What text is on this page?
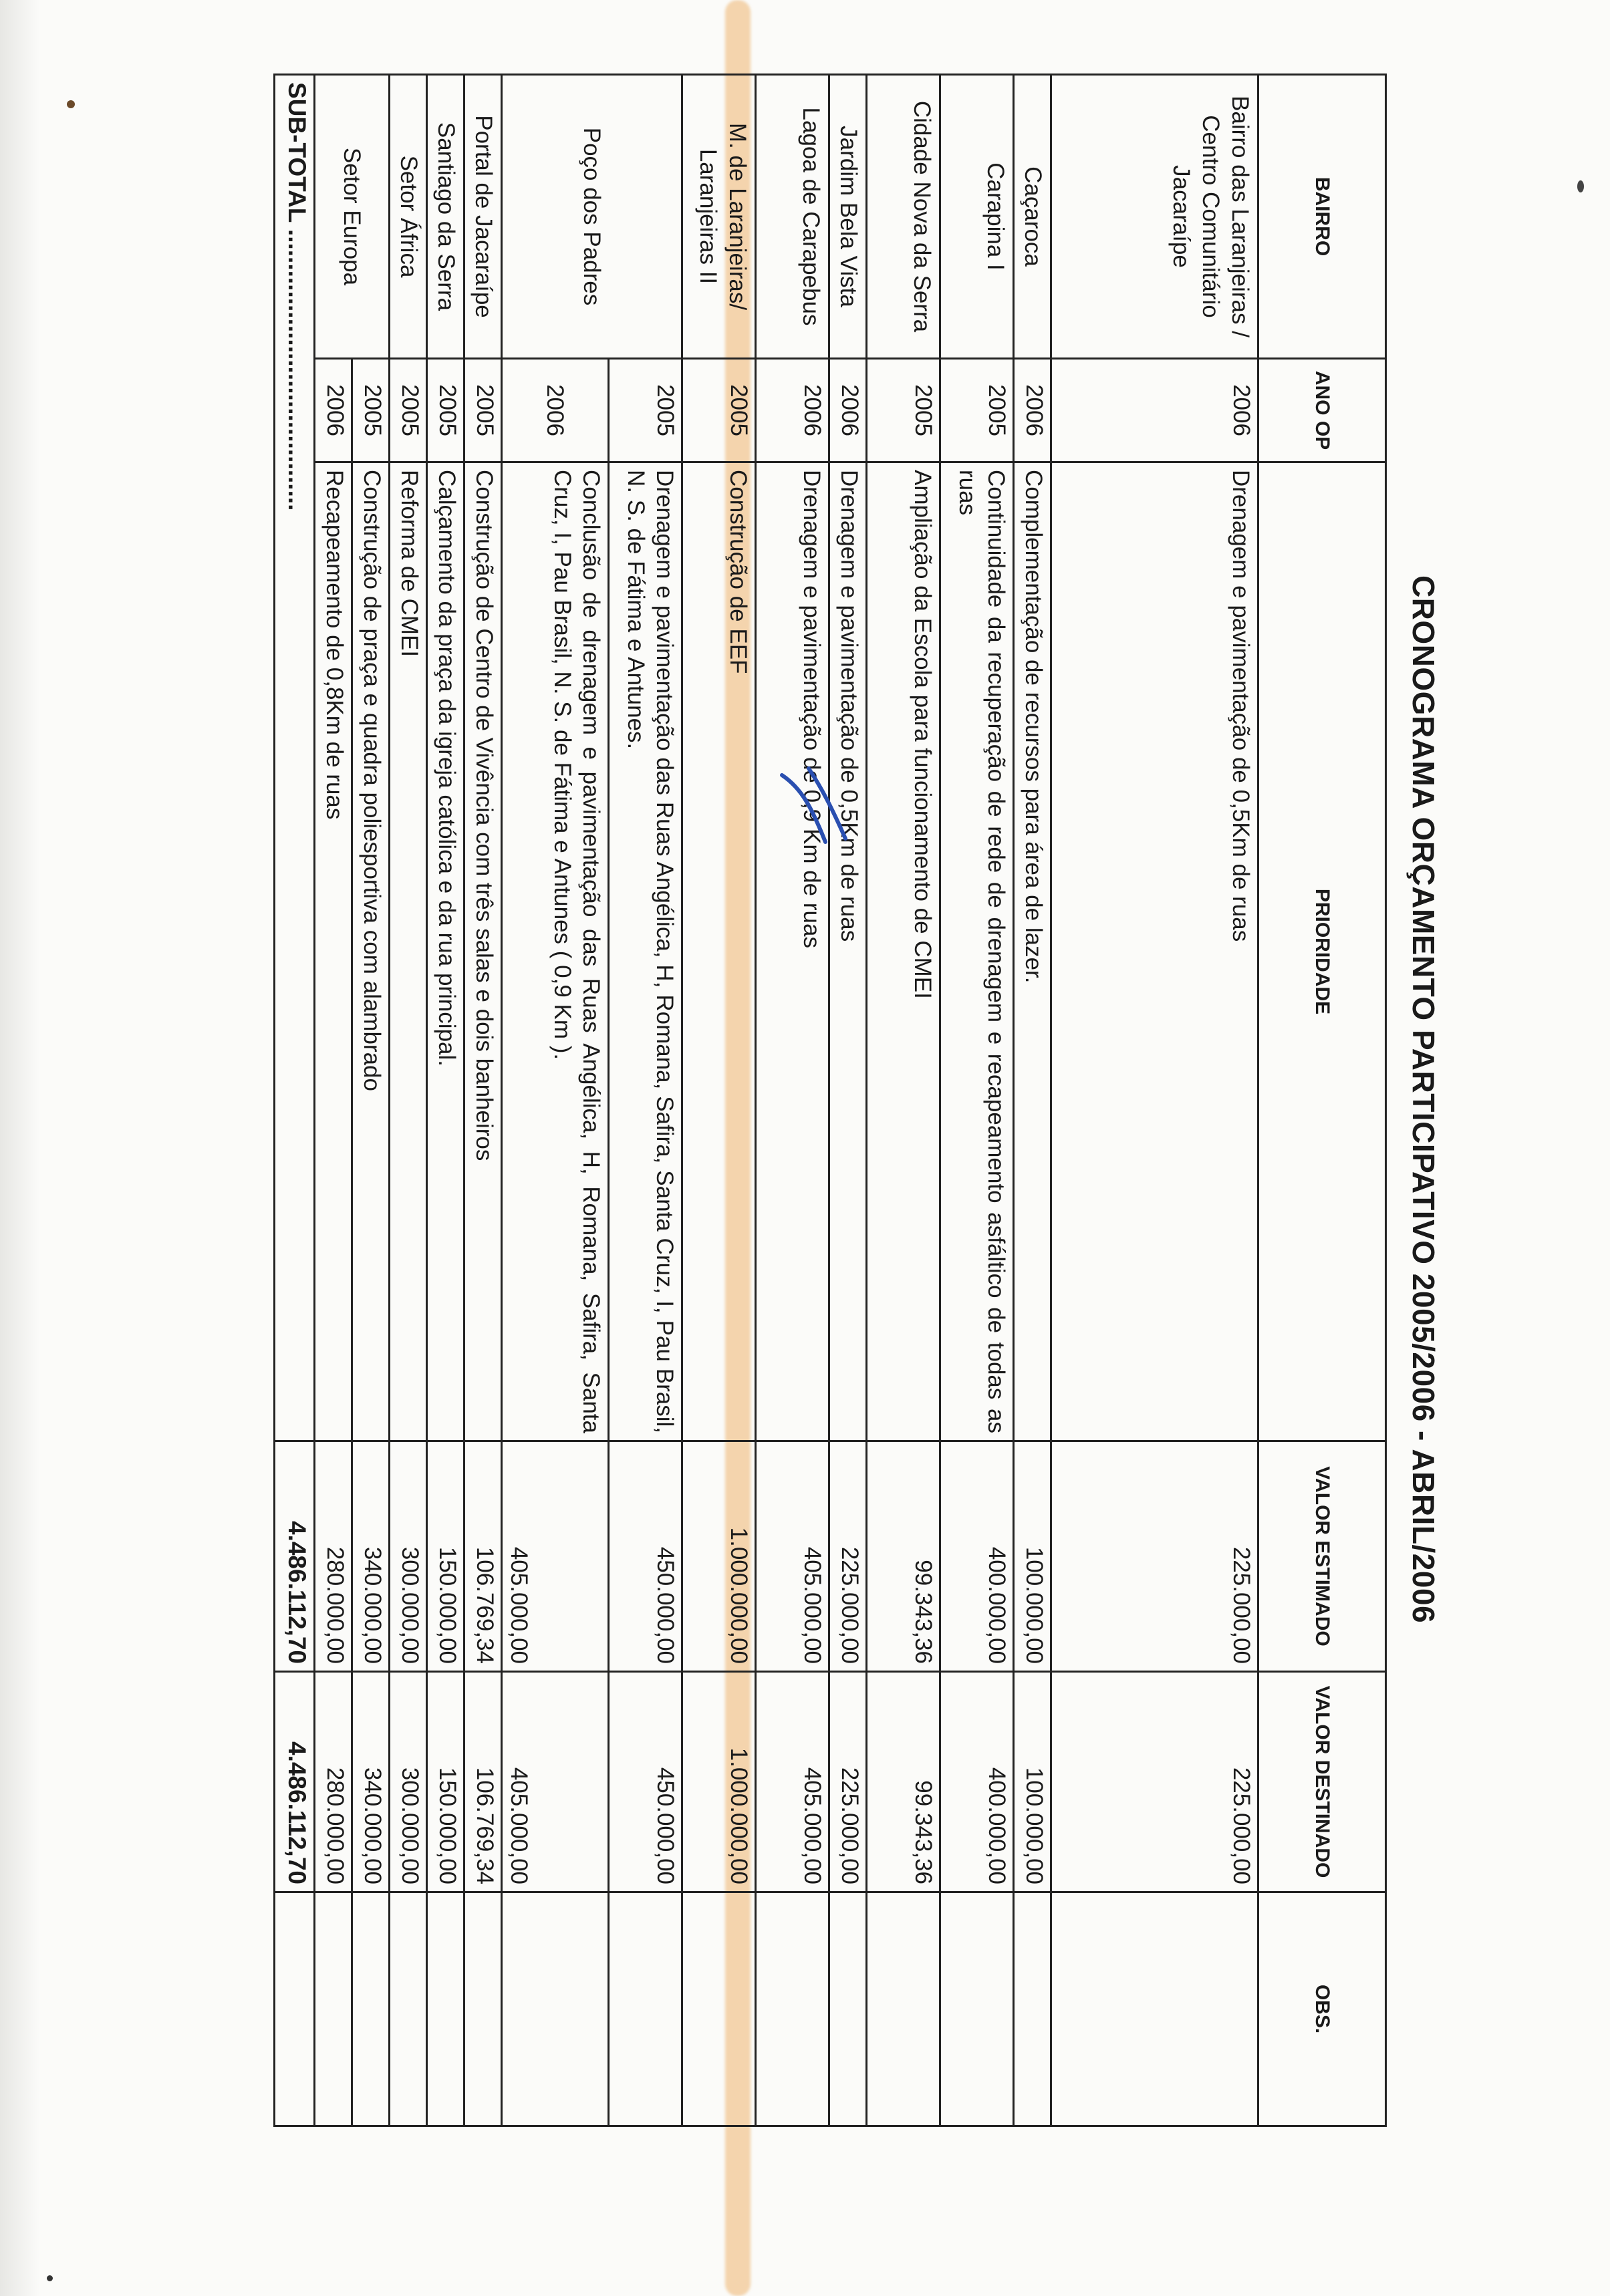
CRONOGRAMA ORÇAMENTO PARTICIPATIVO 2005/2006 - ABRIL/2006
BAIRRO	ANO OP	PRIORIDADE	VALOR ESTIMADO	VALOR DESTINADO	OBS.
Bairro das Laranjeiras / Centro Comunitário Jacaraípe	2006	Drenagem e pavimentação de 0,5Km de ruas	225.000,00	225.000,00	
Caçaroca	2006	Complementação de recursos para área de lazer.	100.000,00	100.000,00	
Carapina I	2005	Continuidade da recuperação de rede de drenagem e recapeamento asfáltico de todas as ruas	400.000,00	400.000,00	
Cidade Nova da Serra	2005	Ampliação da Escola para funcionamento de CMEI	99.343,36	99.343,36	
Jardim Bela Vista	2006	Drenagem e pavimentação de 0,5Km de ruas	225.000,00	225.000,00	
Lagoa de Carapebus	2006	Drenagem e pavimentação de 0,9 Km de ruas	405.000,00	405.000,00	
M. de Laranjeiras/ Laranjeiras II	2005	Construção de EEF	1.000.000,00	1.000.000,00	
Poço dos Padres	2005	Drenagem e pavimentação das Ruas Angélica, H, Romana, Safira, Santa Cruz, I, Pau Brasil, N. S. de Fátima e Antunes.	450.000,00	450.000,00	
	2006	Conclusão de drenagem e pavimentação das Ruas Angélica, H, Romana, Safira, Santa Cruz, I, Pau Brasil, N. S. de Fátima e Antunes ( 0,9 Km ).	405.000,00	405.000,00	
Portal de Jacaraípe	2005	Construção de Centro de Vivência com três salas e dois banheiros	106.769,34	106.769,34	
Santiago da Serra	2005	Calçamento da praça da igreja católica e da rua principal.	150.000,00	150.000,00	
Setor África	2005	Reforma de CMEI	300.000,00	300.000,00	
Setor Europa	2005	Construção de praça e quadra poliesportiva com alambrado	340.000,00	340.000,00	
	2006	Recapeamento de 0,8Km de ruas	280.000,00	280.000,00	
SUB-TOTAL .........................................			4.486.112,70	4.486.112,70	
